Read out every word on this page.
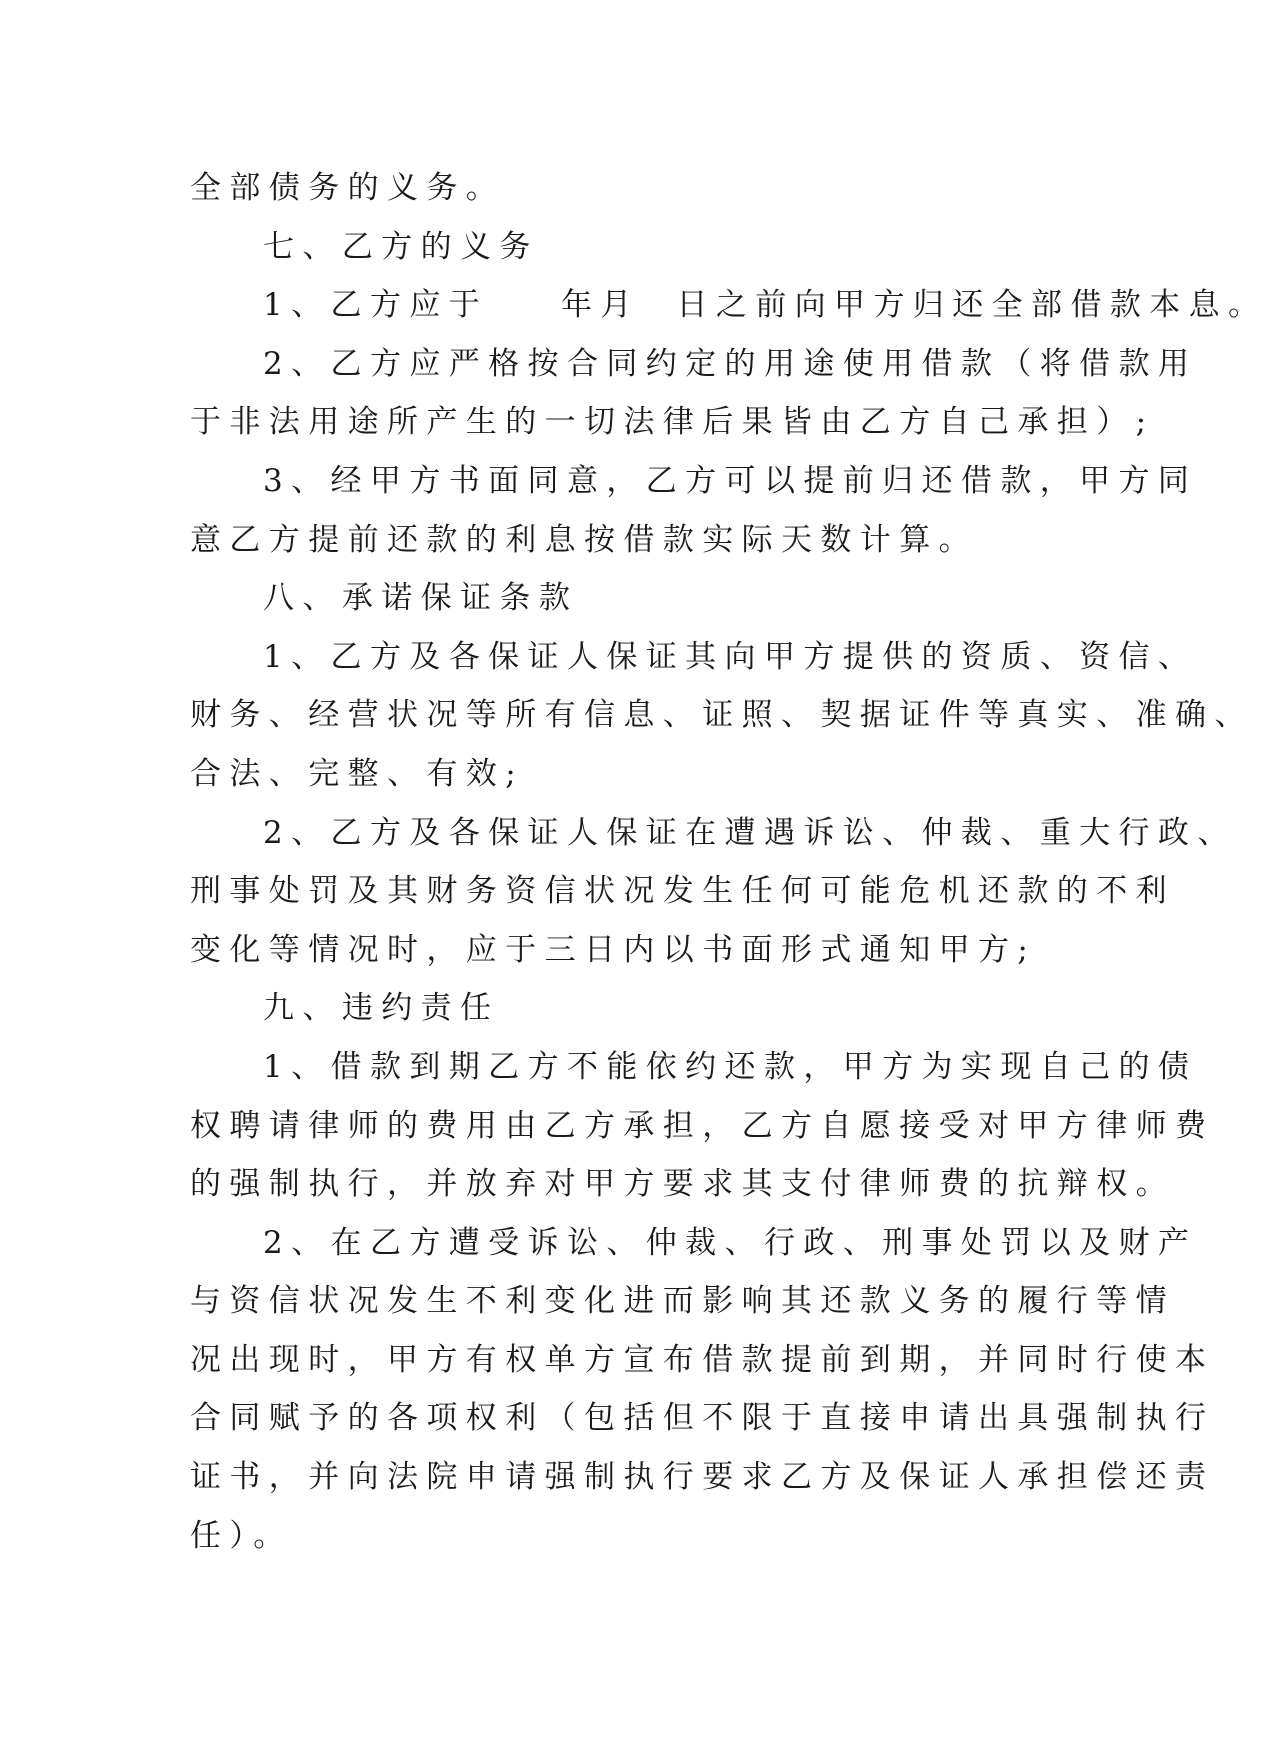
全部债务的义务。
七、乙方的义务
1、乙方应于    年月  日之前向甲方归还全部借款本息。
2、乙方应严格按合同约定的用途使用借款（将借款用
于非法用途所产生的一切法律后果皆由乙方自己承担）;
3、经甲方书面同意，乙方可以提前归还借款，甲方同
意乙方提前还款的利息按借款实际天数计算。
八、承诺保证条款
1、乙方及各保证人保证其向甲方提供的资质、资信、
财务、经营状况等所有信息、证照、契据证件等真实、准确、
合法、完整、有效;
2、乙方及各保证人保证在遭遇诉讼、仲裁、重大行政、
刑事处罚及其财务资信状况发生任何可能危机还款的不利
变化等情况时，应于三日内以书面形式通知甲方;
九、违约责任
1、借款到期乙方不能依约还款，甲方为实现自己的债
权聘请律师的费用由乙方承担，乙方自愿接受对甲方律师费
的强制执行，并放弃对甲方要求其支付律师费的抗辩权。
2、在乙方遭受诉讼、仲裁、行政、刑事处罚以及财产
与资信状况发生不利变化进而影响其还款义务的履行等情
况出现时，甲方有权单方宣布借款提前到期，并同时行使本
合同赋予的各项权利（包括但不限于直接申请出具强制执行
证书，并向法院申请强制执行要求乙方及保证人承担偿还责
任）。
